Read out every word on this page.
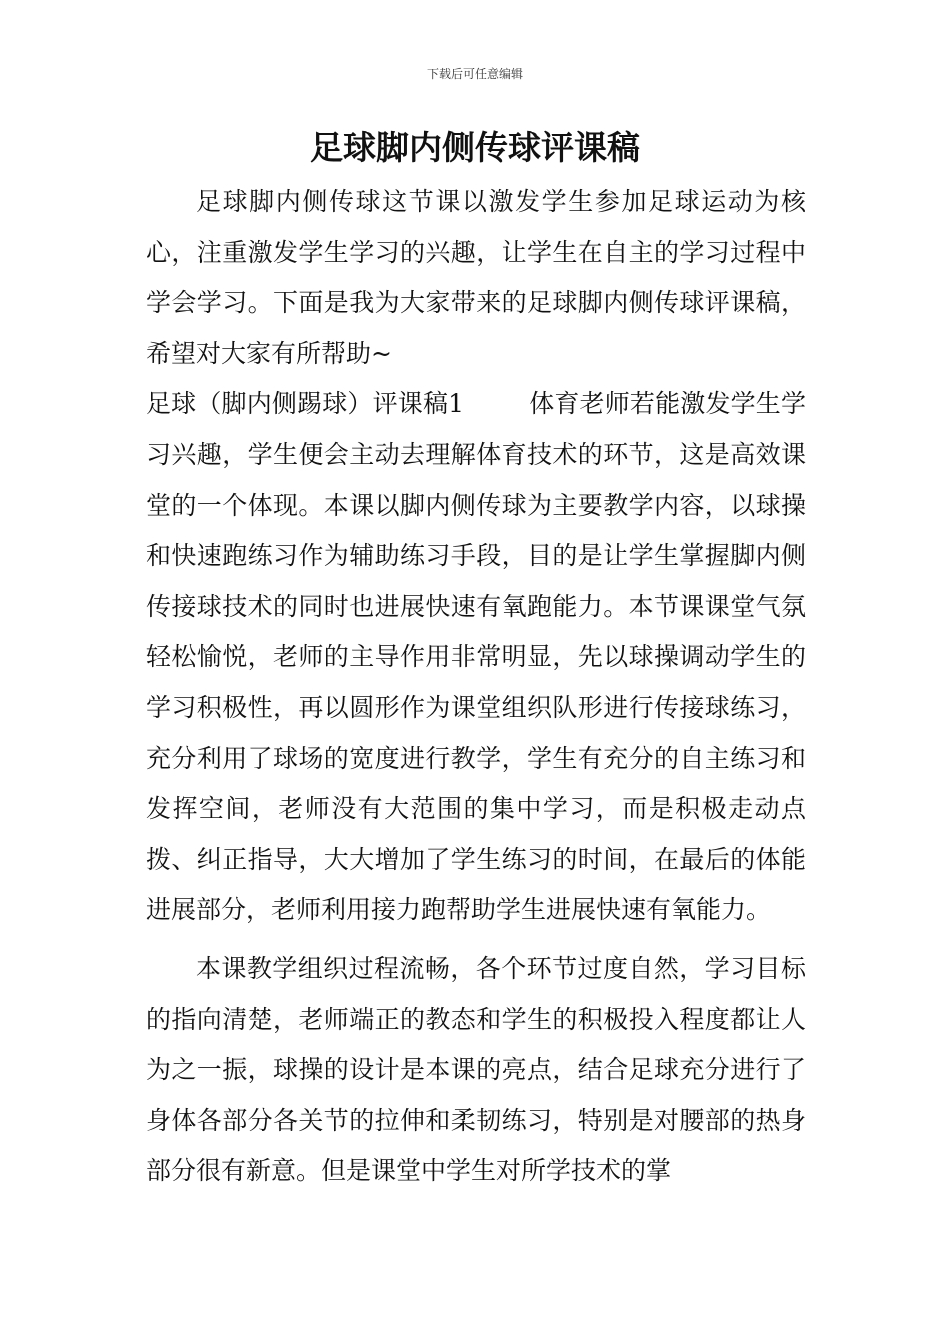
下载后可任意编辑
足球脚内侧传球评课稿

足球脚内侧传球这节课以激发学生参加足球运动为核心，注重激发学生学习的兴趣，让学生在自主的学习过程中学会学习。下面是我为大家带来的足球脚内侧传球评课稿，希望对大家有所帮助~

足球（脚内侧踢球）评课稿1	体育老师若能激发学生学习兴趣，学生便会主动去理解体育技术的环节，这是高效课堂的一个体现。本课以脚内侧传球为主要教学内容，以球操和快速跑练习作为辅助练习手段，目的是让学生掌握脚内侧传接球技术的同时也进展快速有氧跑能力。本节课课堂气氛轻松愉悦，老师的主导作用非常明显，先以球操调动学生的学习积极性，再以圆形作为课堂组织队形进行传接球练习，充分利用了球场的宽度进行教学，学生有充分的自主练习和发挥空间，老师没有大范围的集中学习，而是积极走动点拨、纠正指导，大大增加了学生练习的时间，在最后的体能进展部分，老师利用接力跑帮助学生进展快速有氧能力。

本课教学组织过程流畅，各个环节过度自然，学习目标的指向清楚，老师端正的教态和学生的积极投入程度都让人为之一振，球操的设计是本课的亮点，结合足球充分进行了身体各部分各关节的拉伸和柔韧练习，特别是对腰部的热身部分很有新意。但是课堂中学生对所学技术的掌
